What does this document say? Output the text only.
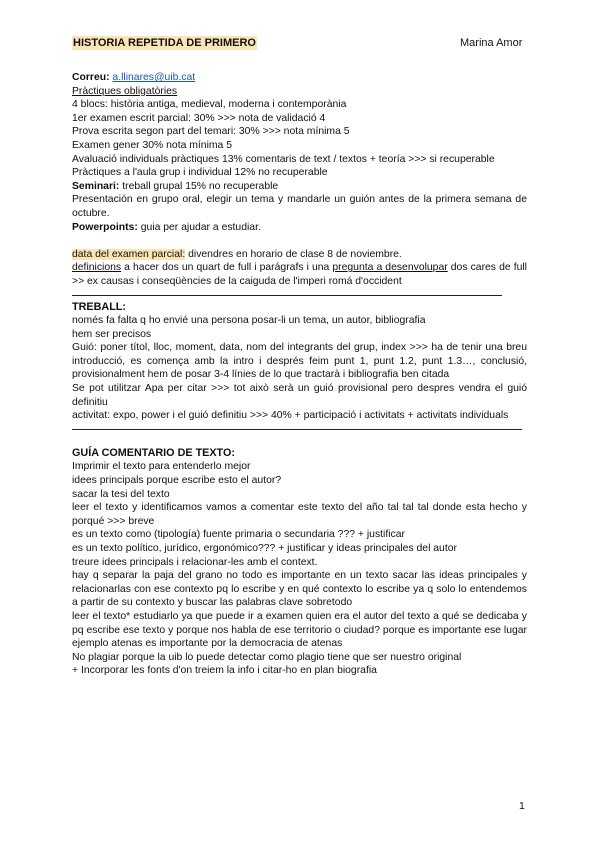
HISTORIA REPETIDA DE PRIMERO	Marina Amor
Correu: a.llinares@uib.cat
Pràctiques obligatòries
4 blocs: història antiga, medieval, moderna i contemporània
1er examen escrit parcial: 30% >>> nota de validació 4
Prova escrita segon part del temari: 30% >>> nota mínima 5
Examen gener 30% nota mínima 5
Avaluació individuals pràctiques 13% comentaris de text / textos + teoría >>> si recuperable
Pràctiques a l'aula grup i individual 12% no recuperable
Seminari: treball grupal 15% no recuperable
Presentación en grupo oral, elegir un tema y mandarle un guión antes de la primera semana de octubre.
Powerpoints: guia per ajudar a estudiar.
data del examen parcial: divendres en horario de clase 8 de noviembre.
definicions a hacer dos un quart de full i parágrafs i una pregunta a desenvolupar dos cares de full >> ex causas i conseqüències de la caiguda de l'imperi romá d'occident
TREBALL:
només fa falta q ho envié una persona posar-li un tema, un autor, bibliografia
hem ser precisos
Guió: poner títol, lloc, moment, data, nom del integrants del grup, index >>> ha de tenir una breu introducció, es comença amb la intro i després feim punt 1, punt 1.2, punt 1.3…, conclusió, provisionalment hem de posar 3-4 línies de lo que tractarà i bibliografia ben citada
Se pot utilitzar Apa per citar >>> tot això serà un guió provisional pero despres vendra el guió definitiu
activitat: expo, power i el guió definitiu >>> 40% + participació i activitats + activitats individuals
GUÍA COMENTARIO DE TEXTO:
Imprimir el texto para entenderlo mejor
idees principals porque escribe esto el autor?
sacar la tesi del texto
leer el texto y identificamos vamos a comentar este texto del año tal tal tal donde esta hecho y porqué >>> breve
es un texto como (tipología) fuente primaria o secundaria ??? + justificar
es un texto político, jurídico, ergonómico??? + justificar y ideas principales del autor
treure idees principals i relacionar-les amb el context.
hay q separar la paja del grano no todo es importante en un texto sacar las ideas principales y relacionarlas con ese contexto pq lo escribe y en qué contexto lo escribe ya q solo lo entendemos a partir de su contexto y buscar las palabras clave sobretodo
leer el texto* estudiarlo ya que puede ir a examen quien era el autor del texto a qué se dedicaba y pq escribe ese texto y porque nos habla de ese territorio o ciudad? porque es importante ese lugar ejemplo atenas es importante por la democracia de atenas
No plagiar porque la uib lo puede detectar como plagio tiene que ser nuestro original
+ Incorporar les fonts d'on treiem la info i citar-ho en plan biografia
1
